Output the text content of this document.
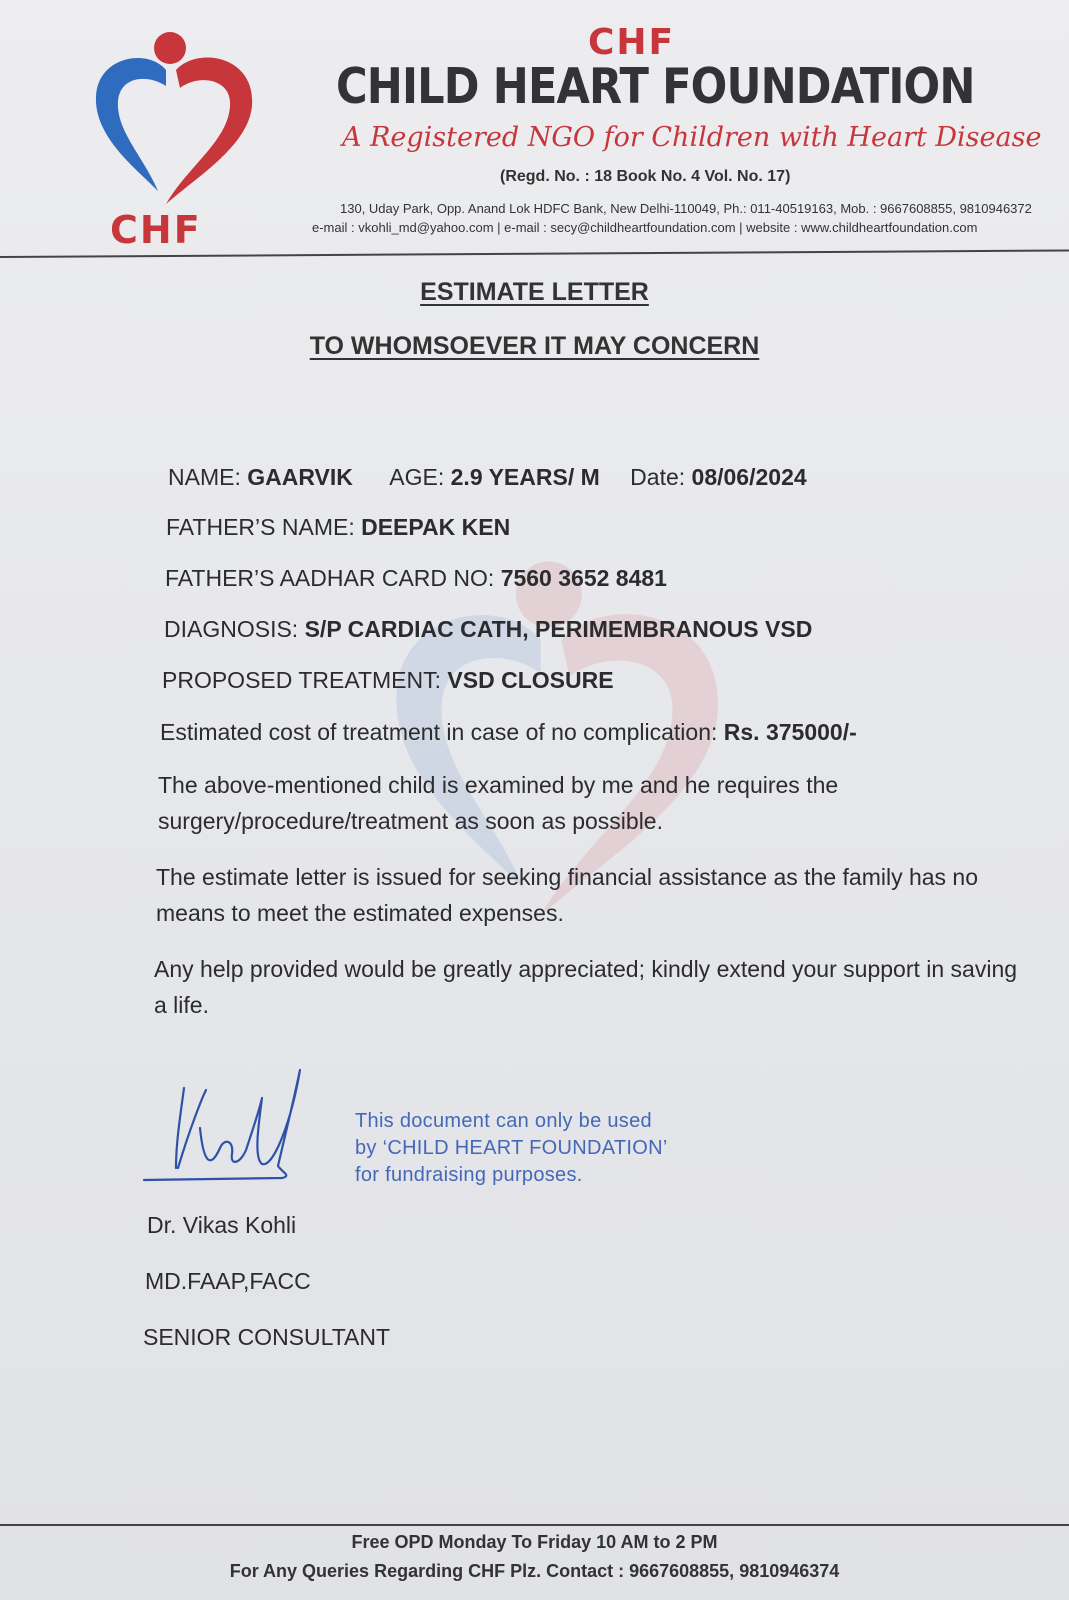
CHF
CHF
CHILD HEART FOUNDATION
A Registered NGO for Children with Heart Disease
(Regd. No. : 18 Book No. 4 Vol. No. 17)
130, Uday Park, Opp. Anand Lok HDFC Bank, New Delhi-110049, Ph.: 011-40519163, Mob. : 9667608855, 9810946372
e-mail : vkohli_md@yahoo.com | e-mail : secy@childheartfoundation.com | website : www.childheartfoundation.com
ESTIMATE LETTER
TO WHOMSOEVER IT MAY CONCERN
NAME: GAARVIK AGE: 2.9 YEARS/ M Date: 08/06/2024
FATHER’S NAME: DEEPAK KEN
FATHER’S AADHAR CARD NO: 7560 3652 8481
DIAGNOSIS: S/P CARDIAC CATH, PERIMEMBRANOUS VSD
PROPOSED TREATMENT: VSD CLOSURE
Estimated cost of treatment in case of no complication: Rs. 375000/-
The above-mentioned child is examined by me and he requires the surgery/procedure/treatment as soon as possible.
The estimate letter is issued for seeking financial assistance as the family has no means to meet the estimated expenses.
Any help provided would be greatly appreciated; kindly extend your support in saving a life.
This document can only be used
by ‘CHILD HEART FOUNDATION’
for fundraising purposes.
Dr. Vikas Kohli
MD.FAAP,FACC
SENIOR CONSULTANT
Free OPD Monday To Friday 10 AM to 2 PM
For Any Queries Regarding CHF Plz. Contact : 9667608855, 9810946374
